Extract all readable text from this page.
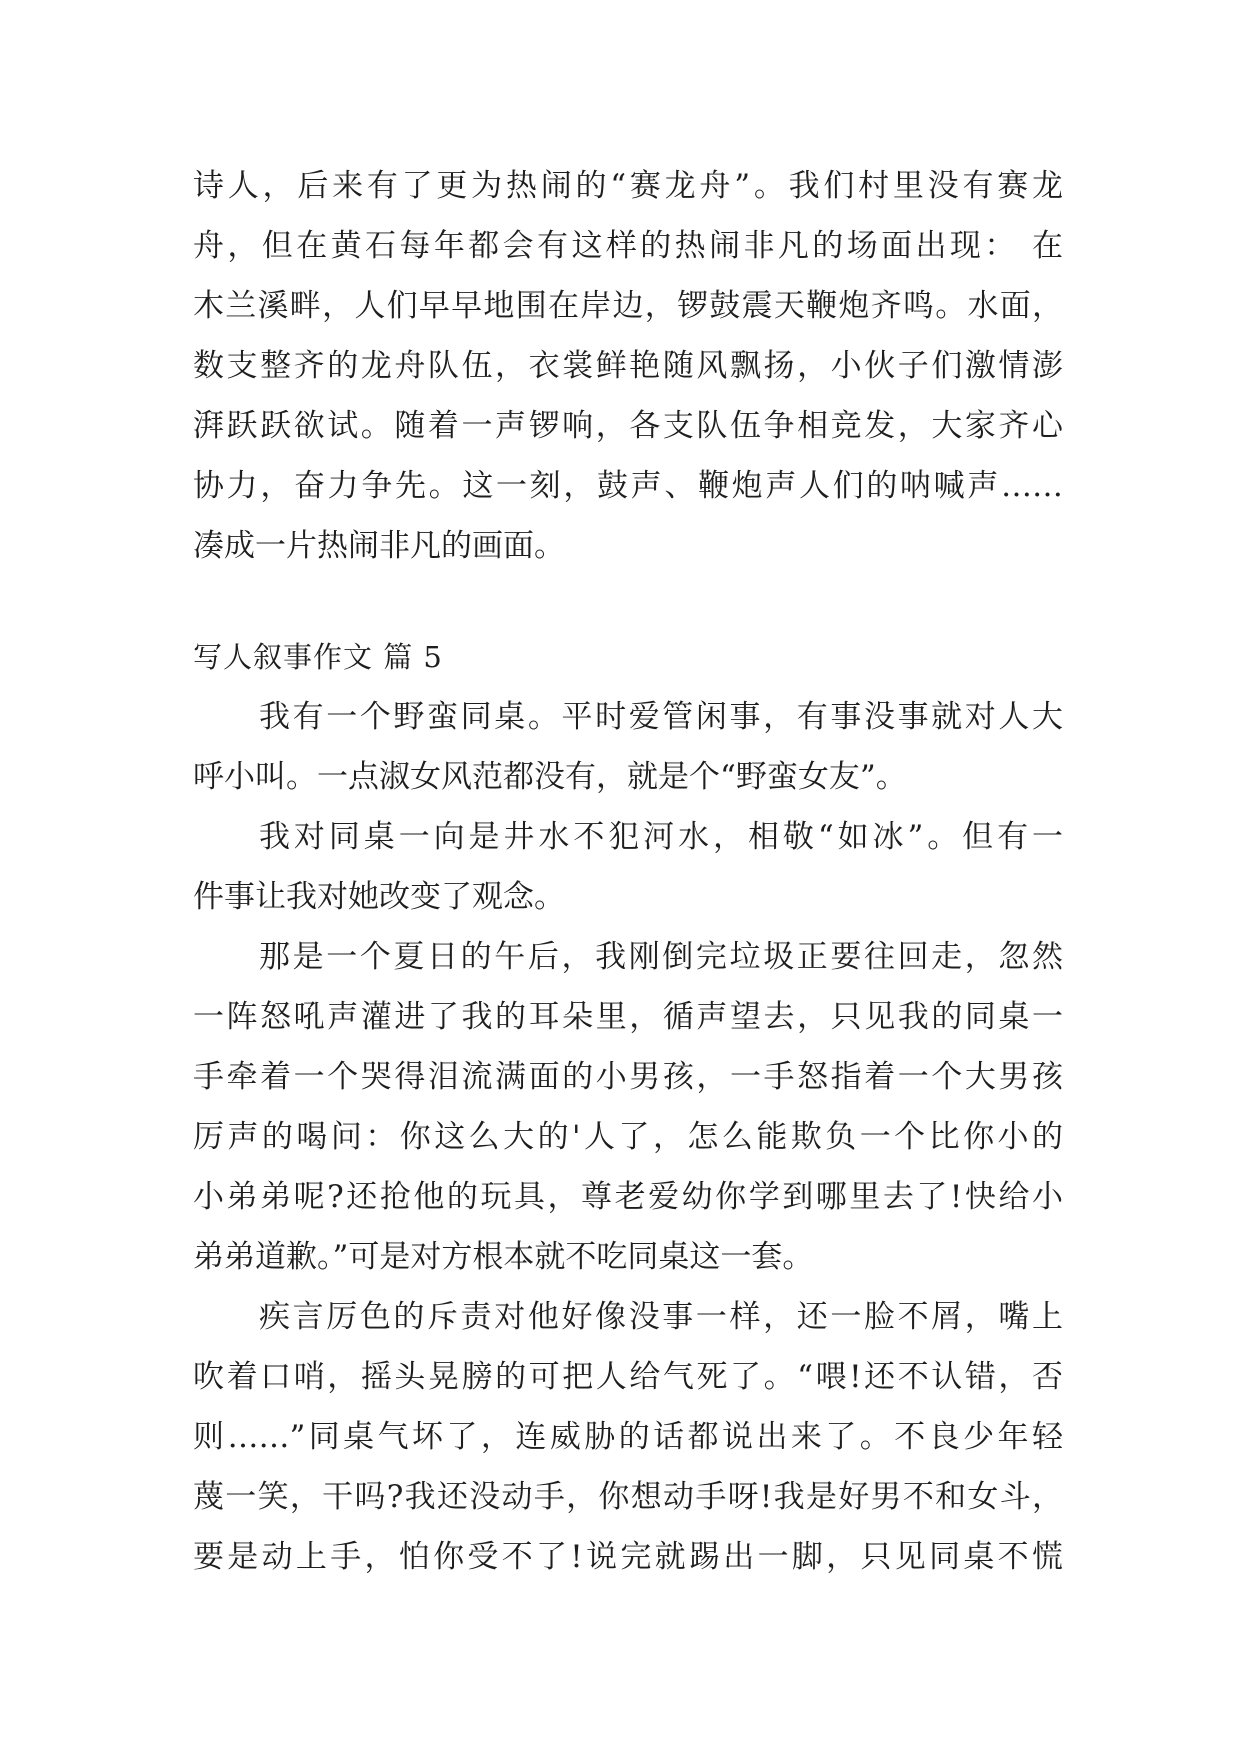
诗人，后来有了更为热闹的“赛龙舟”。我们村里没有赛龙
舟，但在黄石每年都会有这样的热闹非凡的场面出现： 在
木兰溪畔，人们早早地围在岸边，锣鼓震天鞭炮齐鸣。水面，
数支整齐的龙舟队伍，衣裳鲜艳随风飘扬，小伙子们激情澎
湃跃跃欲试。随着一声锣响，各支队伍争相竞发，大家齐心
协力，奋力争先。这一刻，鼓声、鞭炮声人们的呐喊声……
凑成一片热闹非凡的画面。
写人叙事作文 篇 5
我有一个野蛮同桌。平时爱管闲事，有事没事就对人大
呼小叫。一点淑女风范都没有，就是个“野蛮女友”。
我对同桌一向是井水不犯河水，相敬“如冰”。但有一
件事让我对她改变了观念。
那是一个夏日的午后，我刚倒完垃圾正要往回走，忽然
一阵怒吼声灌进了我的耳朵里，循声望去，只见我的同桌一
手牵着一个哭得泪流满面的小男孩，一手怒指着一个大男孩
厉声的喝问：你这么大的'人了，怎么能欺负一个比你小的
小弟弟呢?还抢他的玩具，尊老爱幼你学到哪里去了!快给小
弟弟道歉。”可是对方根本就不吃同桌这一套。
疾言厉色的斥责对他好像没事一样，还一脸不屑，嘴上
吹着口哨，摇头晃膀的可把人给气死了。“喂!还不认错，否
则……”同桌气坏了，连威胁的话都说出来了。不良少年轻
蔑一笑，干吗?我还没动手，你想动手呀!我是好男不和女斗，
要是动上手，怕你受不了!说完就踢出一脚，只见同桌不慌
